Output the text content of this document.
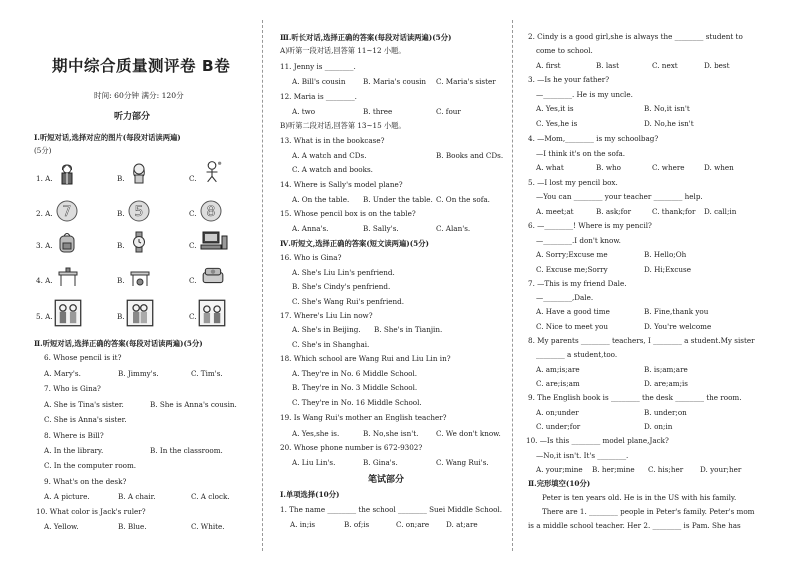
期中综合质量测评卷 B卷
时间: 60分钟 满分: 120分
听力部分
Ⅰ.听短对话,选择对应的图片(每段对话读两遍)
(5分)
1. A.	B.	C.
2. A. 7	B. 5	C. 8
3. A.	B.	C.
4. A.	B.	C.
5. A.	B.	C.
Ⅱ.听短对话,选择正确的答案(每段对话读两遍)(5分)
6. Whose pencil is it?
A. Mary's.	B. Jimmy's.	C. Tim's.
7. Who is Gina?
A. She is Tina's sister.	B. She is Anna's cousin.
C. She is Anna's sister.
8. Where is Bill?
A. In the library.	B. In the classroom.
C. In the computer room.
9. What's on the desk?
A. A picture.	B. A chair.	C. A clock.
10. What color is Jack's ruler?
A. Yellow.	B. Blue.	C. White.
Ⅲ.听长对话,选择正确的答案(每段对话读两遍)(5分)
A)听第一段对话,回答第 11~12 小题。
11. Jenny is ________.
A. Bill's cousin B. Maria's cousin C. Maria's sister
12. Maria is ________.
A. two	B. three	C. four
B)听第二段对话,回答第 13~15 小题。
13. What is in the bookcase?
A. A watch and CDs.	B. Books and CDs.
C. A watch and books.
14. Where is Sally's model plane?
A. On the table. B. Under the table. C. On the sofa.
15. Whose pencil box is on the table?
A. Anna's.	B. Sally's.	C. Alan's.
Ⅳ.听短文,选择正确的答案(短文读两遍)(5分)
16. Who is Gina?
A. She's Liu Lin's penfriend.
B. She's Cindy's penfriend.
C. She's Wang Rui's penfriend.
17. Where's Liu Lin now?
A. She's in Beijing. B. She's in Tianjin.
C. She's in Shanghai.
18. Which school are Wang Rui and Liu Lin in?
A. They're in No. 6 Middle School.
B. They're in No. 3 Middle School.
C. They're in No. 16 Middle School.
19. Is Wang Rui's mother an English teacher?
A. Yes,she is.	B. No,she isn't. C. We don't know.
20. Whose phone number is 672-9302?
A. Liu Lin's.	B. Gina's.	C. Wang Rui's.
笔试部分
Ⅰ.单项选择(10分)
1. The name ________ the school ________ Suei Middle School.
A. in;is	B. of;is	C. on;are D. at;are
2. Cindy is a good girl,she is always the ________ student to
come to school.
A. first	B. last	C. next	D. best
3. —Is he your father?
—________. He is my uncle.
A. Yes,it is	B. No,it isn't
C. Yes,he is	D. No,he isn't
4. —Mom,________ is my schoolbag?
—I think it's on the sofa.
A. what	B. who	C. where	D. when
5. —I lost my pencil box.
—You can ________ your teacher ________ help.
A. meet;at	B. ask;for	C. thank;for D. call;in
6. —________! Where is my pencil?
—________.I don't know.
A. Sorry;Excuse me	B. Hello;Oh
C. Excuse me;Sorry	D. Hi;Excuse
7. —This is my friend Dale.
—________,Dale.
A. Have a good time	B. Fine,thank you
C. Nice to meet you	D. You're welcome
8. My parents ________ teachers, I ________ a student.My sister
________ a student,too.
A. am;is;are	B. is;am;are
C. are;is;am	D. are;am;is
9. The English book is ________ the desk ________ the room.
A. on;under	B. under;on
C. under;for	D. on;in
10. —Is this ________ model plane,Jack?
—No,it isn't. It's ________.
A. your;mine B. her;mine C. his;her D. your;her
Ⅱ.完形填空(10分)
Peter is ten years old. He is in the US with his family.
There are 1. ________ people in Peter's family. Peter's mom
is a middle school teacher. Her 2. ________ is Pam. She has
